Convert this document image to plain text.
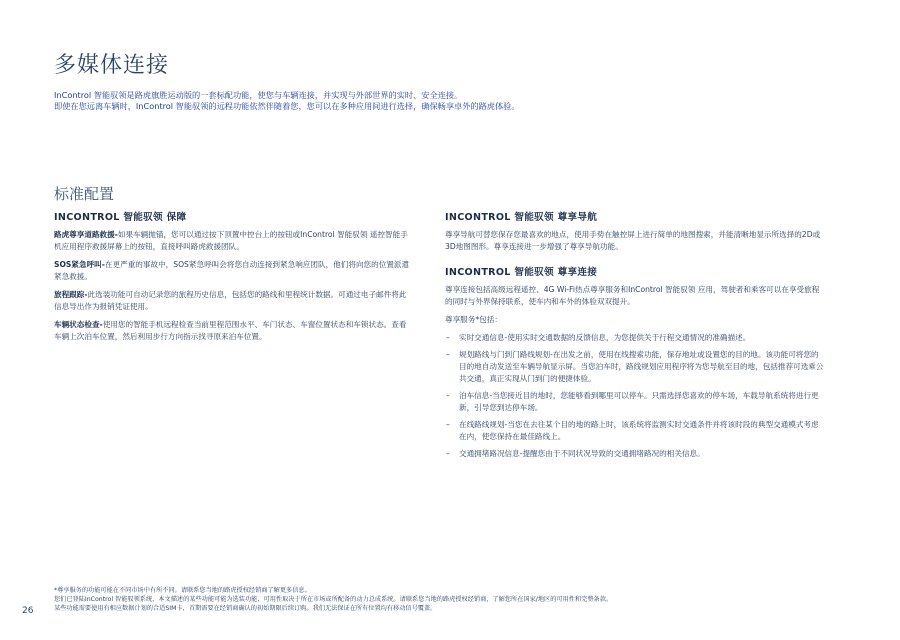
多媒体连接
InControl 智能驭领是路虎旗胜运动版的一套标配功能，使您与车辆连接，并实现与外部世界的实时、安全连接。
即使在您远离车辆时，InControl 智能驭领的远程功能依然伴随着您，您可以在多种应用间进行选择，确保畅享卓外的路虎体验。
标准配置
INCONTROL 智能驭领 保障

路虎尊享道路救援-如果车辆抛锚，您可以通过按下顶置中控台上的按钮或InControl 智能驭领 遥控智能手机应用程序救援屏幕上的按钮，直接呼叫路虎救援团队。

SOS紧急呼叫-在更严重的事故中，SOS紧急呼叫会将您自动连接到紧急响应团队，他们将向您的位置派遣紧急救援。

旅程跟踪-此选装功能可自动记录您的旅程历史信息，包括您的路线和里程统计数据。可通过电子邮件将此信息导出作为报销凭证使用。

车辆状态检查-使用您的智能手机远程检查当前里程范围水平、车门状态、车窗位置状态和车锁状态。查看车辆上次泊车位置，然后利用步行方向指示找寻原来泊车位置。

INCONTROL 智能驭领 尊享导航

尊享导航可替您保存您最喜欢的地点，使用手势在触控屏上进行简单的地图搜索，并能清晰地显示所选择的2D或3D地图图形。尊享连接进一步增强了尊享导航功能。

INCONTROL 智能驭领 尊享连接

尊享连接包括高级远程遥控、4G Wi-Fi热点尊享服务和InControl 智能驭领 应用，驾驶者和乘客可以在享受旅程的同时与外界保持联系，使车内和车外的体验双双提升。

尊享服务*包括：

– 实时交通信息-使用实时交通数据的反馈信息，为您提供关于行程交通情况的准确描述。
– 规划路线与门到门路线规划-在出发之前，使用在线搜索功能，保存地址或设置您的目的地。该功能可将您的目的地自动发送至车辆导航显示屏。当您泊车时，路线规划应用程序将为您导航至目的地，包括推荐可选乘公共交通，真正实现从门到门的便捷体验。
– 泊车信息-当您接近目的地时，您能够看到哪里可以停车。只需选择您喜欢的停车场，车载导航系统将进行更新，引导您到达停车场。
– 在线路线规划-当您在去往某个目的地的路上时，该系统将监测实时交通条件并将该时段的典型交通模式考虑在内，使您保持在最佳路线上。
– 交通拥堵路况信息-提醒您由于不同状况导致的交通拥堵路况的相关信息。

*尊享服务的功能可能在不同市场中有所不同。请联系您当地的路虎授权经销商了解更多信息。

您们已登陆InControl 智能驭领系统，本文描述的某些功能可能为选装功能，可用性取决于所在市场或所配备的动力总成系统。请联系您当地的路虎授权经销商，了解您所在国家/地区的可用性和完整条款。

某些功能需要使用有相应数据计划的合适SIM卡，首期需要在经销商确认的初始期限后续订购。我们无法保证在所有位置均有移动信号覆盖。

26
